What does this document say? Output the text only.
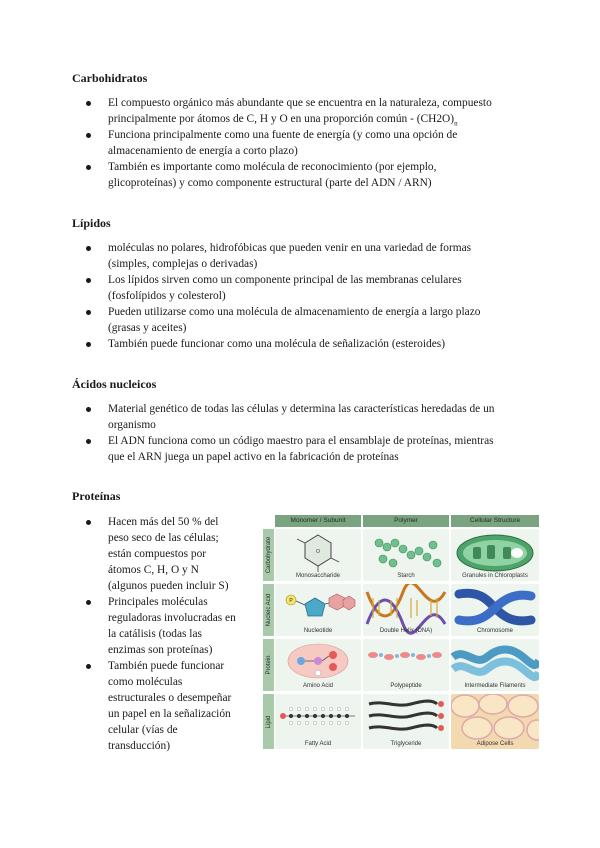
Carbohidratos
El compuesto orgánico más abundante que se encuentra en la naturaleza, compuesto
principalmente por átomos de C, H y O en una proporción común - $(CH2O)_n$
Funciona principalmente como una fuente de energía (y como una opción de
almacenamiento de energía a corto plazo)
También es importante como molécula de reconocimiento (por ejemplo,
glicoproteínas) y como componente estructural (parte del ADN / ARN)
Lípidos
moléculas no polares, hidrofóbicas que pueden venir en una variedad de formas
(simples, complejas o derivadas)
Los lípidos sirven como un componente principal de las membranas celulares
(fosfolípidos y colesterol)
Pueden utilizarse como una molécula de almacenamiento de energía a largo plazo
(grasas y aceites)
También puede funcionar como una molécula de señalización (esteroides)
Ácidos nucleicos
Material genético de todas las células y determina las características heredadas de un
organismo
El ADN funciona como un código maestro para el ensamblaje de proteínas, mientras
que el ARN juega un papel activo en la fabricación de proteínas
Proteínas
Hacen más del 50 % del
peso seco de las células;
están compuestos por
átomos C, H, O y N
(algunos pueden incluir S)
Principales moléculas
reguladoras involucradas en
la catálisis (todas las
enzimas son proteínas)
También puede funcionar
como moléculas
estructurales o desempeñar
un papel en la señalización
celular (vías de
transducción)
Monomer / Subunit	Polymer	Cellular Structure
Carbohydrate	O
Monosaccharide	Starch	Granules in Chloroplasts
Nucleic Acid	P
Nucleotide	Double Helix (DNA)	Chromosome
Protein
Amino Acid	Polypeptide	Intermediate Filaments
Lipid
Fatty Acid	Triglyceride	Adipose Cells
